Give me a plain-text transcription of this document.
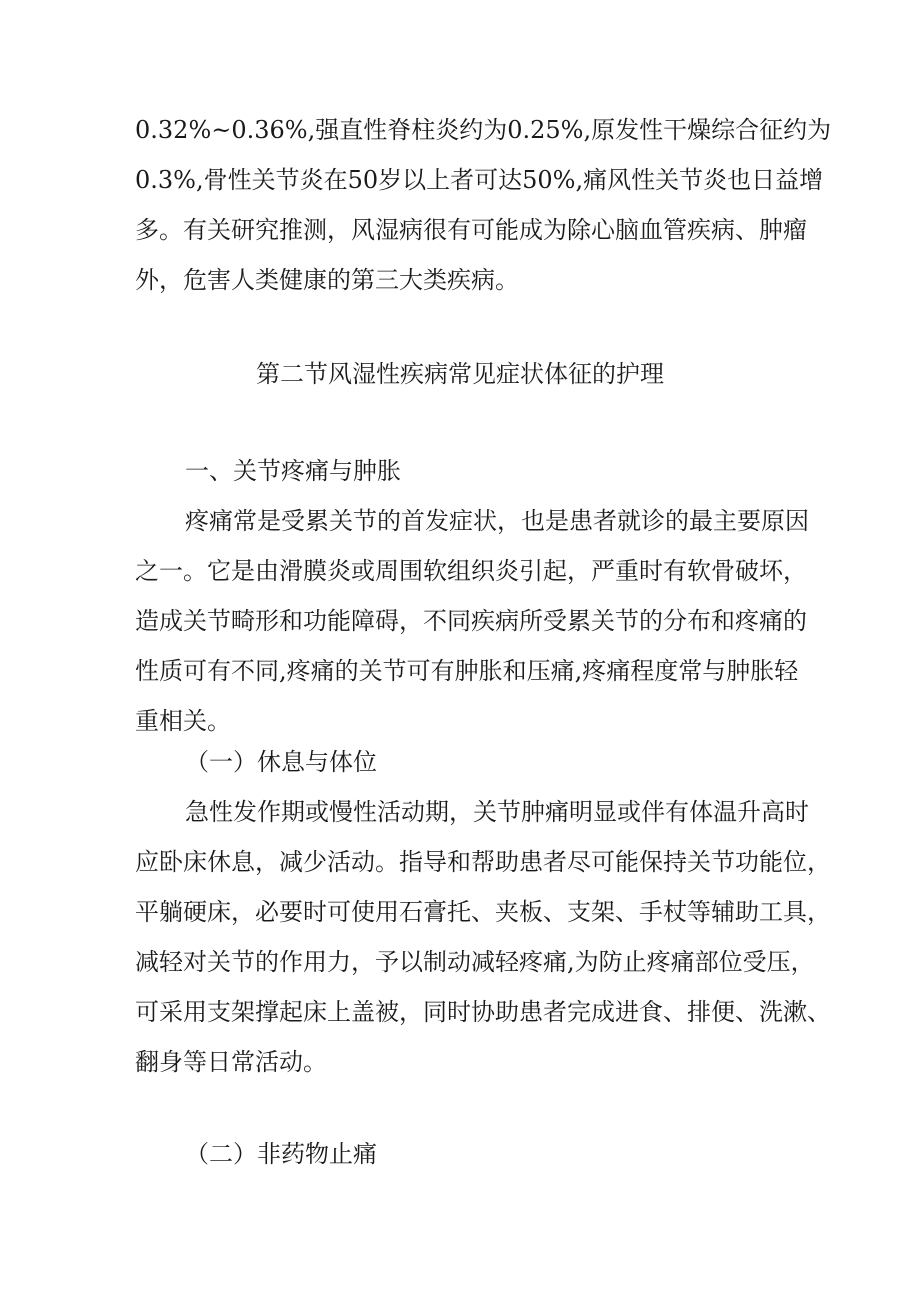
0.32%~0.36%,强直性脊柱炎约为0.25%,原发性干燥综合征约为
0.3%,骨性关节炎在50岁以上者可达50%,痛风性关节炎也日益增
多。有关研究推测，风湿病很有可能成为除心脑血管疾病、肿瘤
外，危害人类健康的第三大类疾病。
第二节风湿性疾病常见症状体征的护理
一、关节疼痛与肿胀
疼痛常是受累关节的首发症状，也是患者就诊的最主要原因
之一。它是由滑膜炎或周围软组织炎引起，严重时有软骨破坏，
造成关节畸形和功能障碍，不同疾病所受累关节的分布和疼痛的
性质可有不同,疼痛的关节可有肿胀和压痛,疼痛程度常与肿胀轻
重相关。
（一）休息与体位
急性发作期或慢性活动期，关节肿痛明显或伴有体温升高时
应卧床休息，减少活动。指导和帮助患者尽可能保持关节功能位，
平躺硬床，必要时可使用石膏托、夹板、支架、手杖等辅助工具，
减轻对关节的作用力，予以制动减轻疼痛,为防止疼痛部位受压，
可采用支架撑起床上盖被，同时协助患者完成进食、排便、洗漱、
翻身等日常活动。
（二）非药物止痛
